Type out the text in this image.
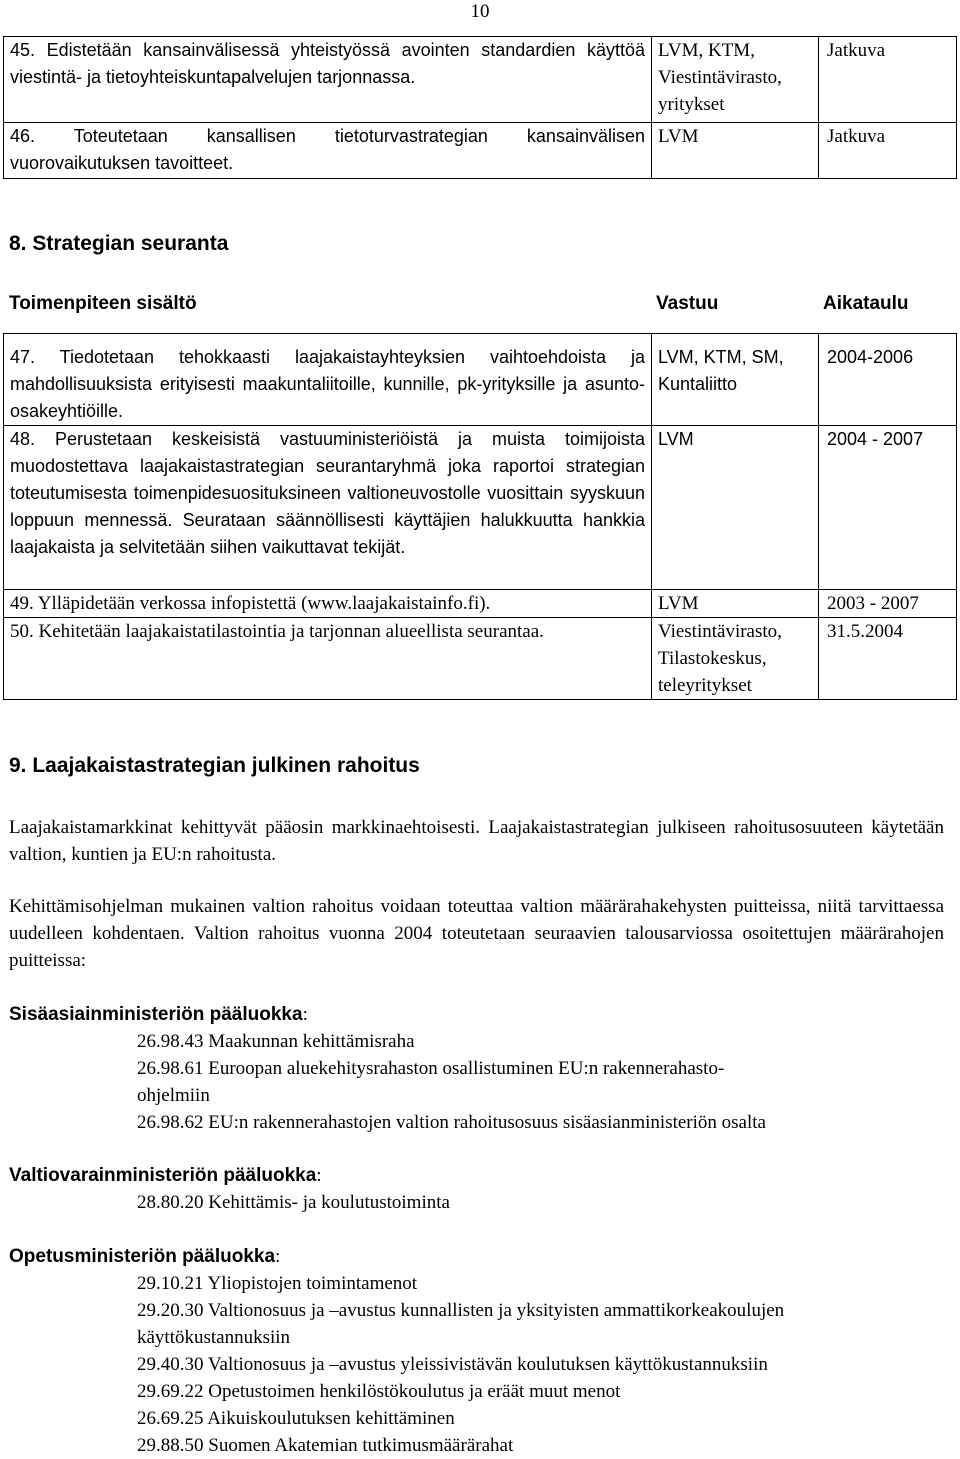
10
45. Edistetään kansainvälisessä yhteistyössä avointen standardien käyttöä viestintä- ja tietoyhteiskuntapalvelujen tarjonnassa.	LVM, KTM, Viestintävirasto, yritykset	Jatkuva
46. Toteutetaan kansallisen tietoturvastrategian kansainvälisen vuorovaikutuksen tavoitteet.	LVM	Jatkuva
8. Strategian seuranta
Toimenpiteen sisältö	Vastuu	Aikataulu
47. Tiedotetaan tehokkaasti laajakaistayhteyksien vaihtoehdoista ja mahdollisuuksista erityisesti maakuntaliitoille, kunnille, pk-yrityksille ja asunto-osakeyhtiöille.	LVM, KTM, SM, Kuntaliitto	2004-2006
48. Perustetaan keskeisistä vastuuministeriöistä ja muista toimijoista muodostettava laajakaistastrategian seurantaryhmä joka raportoi strategian toteutumisesta toimenpidesuosituksineen valtioneuvostolle vuosittain syyskuun loppuun mennessä. Seurataan säännöllisesti käyttäjien halukkuutta hankkia laajakaista ja selvitetään siihen vaikuttavat tekijät.	LVM	2004 - 2007
49. Ylläpidetään verkossa infopistettä (www.laajakaistainfo.fi).	LVM	2003 - 2007
50. Kehitetään laajakaistatilastointia ja tarjonnan alueellista seurantaa.	Viestintävirasto, Tilastokeskus, teleyritykset	31.5.2004
9. Laajakaistastrategian julkinen rahoitus
Laajakaistamarkkinat kehittyvät pääosin markkinaehtoisesti. Laajakaistastrategian julkiseen rahoitusosuuteen käytetään valtion, kuntien ja EU:n rahoitusta.
Kehittämisohjelman mukainen valtion rahoitus voidaan toteuttaa valtion määrärahakehysten puitteissa, niitä tarvittaessa uudelleen kohdentaen. Valtion rahoitus vuonna 2004 toteutetaan seuraavien talousarviossa osoitettujen määrärahojen puitteissa:
Sisäasiainministeriön pääluokka:
26.98.43 Maakunnan kehittämisraha
26.98.61 Euroopan aluekehitysrahaston osallistuminen EU:n rakennerahasto-
ohjelmiin
26.98.62 EU:n rakennerahastojen valtion rahoitusosuus sisäasianministeriön osalta
Valtiovarainministeriön pääluokka:
28.80.20 Kehittämis- ja koulutustoiminta
Opetusministeriön pääluokka:
29.10.21 Yliopistojen toimintamenot
29.20.30 Valtionosuus ja –avustus kunnallisten ja yksityisten ammattikorkeakoulujen
käyttökustannuksiin
29.40.30 Valtionosuus ja –avustus yleissivistävän koulutuksen käyttökustannuksiin
29.69.22 Opetustoimen henkilöstökoulutus ja eräät muut menot
26.69.25 Aikuiskoulutuksen kehittäminen
29.88.50 Suomen Akatemian tutkimusmäärärahat
